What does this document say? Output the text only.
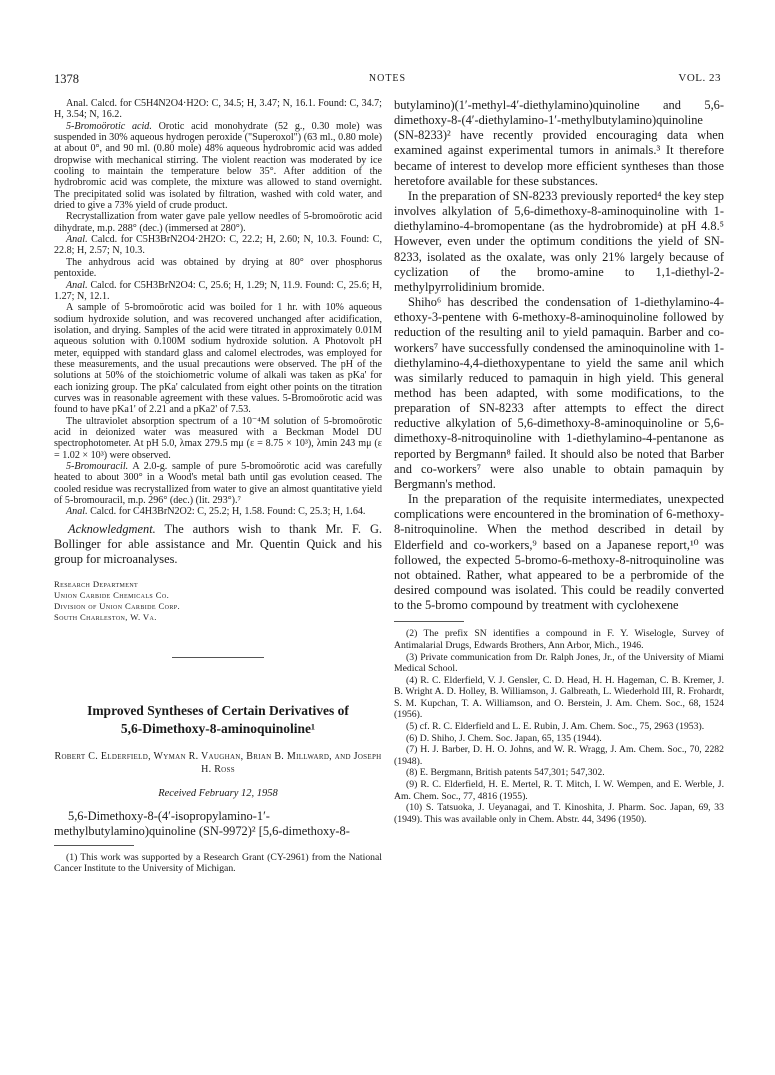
1378	NOTES	VOL. 23

Anal. Calcd. for C5H4N2O4·H2O: C, 34.5; H, 3.47; N, 16.1. Found: C, 34.7; H, 3.54; N, 16.2.

5-Bromoörotic acid. Orotic acid monohydrate (52 g., 0.30 mole) was suspended in 30% aqueous hydrogen peroxide ("Superoxol") (63 ml., 0.80 mole) at about 0°, and 90 ml. (0.80 mole) 48% aqueous hydrobromic acid was added dropwise with mechanical stirring. The violent reaction was moderated by ice cooling to maintain the temperature below 35°. After addition of the hydrobromic acid was complete, the mixture was allowed to stand overnight. The precipitated solid was isolated by filtration, washed with cold water, and dried to give a 73% yield of crude product.

Recrystallization from water gave pale yellow needles of 5-bromoörotic acid dihydrate, m.p. 288° (dec.) (immersed at 280°).

Anal. Calcd. for C5H3BrN2O4·2H2O: C, 22.2; H, 2.60; N, 10.3. Found: C, 22.8; H, 2.57; N, 10.3.

The anhydrous acid was obtained by drying at 80° over phosphorus pentoxide.

Anal. Calcd. for C5H3BrN2O4: C, 25.6; H, 1.29; N, 11.9. Found: C, 25.6; H, 1.27; N, 12.1.

A sample of 5-bromoörotic acid was boiled for 1 hr. with 10% aqueous sodium hydroxide solution, and was recovered unchanged after acidification, isolation, and drying. Samples of the acid were titrated in approximately 0.01M aqueous solution with 0.100M sodium hydroxide solution. A Photovolt pH meter, equipped with standard glass and calomel electrodes, was employed for these measurements, and the usual precautions were observed. The pH of the solutions at 50% of the stoichiometric volume of alkali was taken as pKa' for each ionizing group. The pKa' calculated from eight other points on the titration curves was in reasonable agreement with these values. 5-Bromoörotic acid was found to have pKa1' of 2.21 and a pKa2' of 7.53.

The ultraviolet absorption spectrum of a 10⁻⁴M solution of 5-bromoörotic acid in deionized water was measured with a Beckman Model DU spectrophotometer. At pH 5.0, λmax 279.5 mμ (ε = 8.75 × 10³), λmin 243 mμ (ε = 1.02 × 10³) were observed.

5-Bromouracil. A 2.0-g. sample of pure 5-bromoörotic acid was carefully heated to about 300° in a Wood's metal bath until gas evolution ceased. The cooled residue was recrystallized from water to give an almost quantitative yield of 5-bromouracil, m.p. 296° (dec.) (lit. 293°).⁷

Anal. Calcd. for C4H3BrN2O2: C, 25.2; H, 1.58. Found: C, 25.3; H, 1.64.

Acknowledgment. The authors wish to thank Mr. F. G. Bollinger for able assistance and Mr. Quentin Quick and his group for microanalyses.

Research Department
Union Carbide Chemicals Co.
Division of Union Carbide Corp.
South Charleston, W. Va.
Improved Syntheses of Certain Derivatives of
5,6-Dimethoxy-8-aminoquinoline¹
Robert C. Elderfield, Wyman R. Vaughan, Brian B. Millward, and Joseph H. Ross
Received February 12, 1958

5,6-Dimethoxy-8-(4′-isopropylamino-1′-methylbutylamino)quinoline (SN-9972)² [5,6-dimethoxy-8-

(1) This work was supported by a Research Grant (CY-2961) from the National Cancer Institute to the University of Michigan.

butylamino)(1′-methyl-4′-diethylamino)quinoline and 5,6-dimethoxy-8-(4′-diethylamino-1′-methylbutylamino)quinoline (SN-8233)² have recently provided encouraging data when examined against experimental tumors in animals.³ It therefore became of interest to develop more efficient syntheses than those heretofore available for these substances.

In the preparation of SN-8233 previously reported⁴ the key step involves alkylation of 5,6-dimethoxy-8-aminoquinoline with 1-diethylamino-4-bromopentane (as the hydrobromide) at pH 4.8.⁵ However, even under the optimum conditions the yield of SN-8233, isolated as the oxalate, was only 21% largely because of cyclization of the bromo-amine to 1,1-diethyl-2-methylpyrrolidinium bromide.

Shiho⁶ has described the condensation of 1-diethylamino-4-ethoxy-3-pentene with 6-methoxy-8-aminoquinoline followed by reduction of the resulting anil to yield pamaquin. Barber and co-workers⁷ have successfully condensed the aminoquinoline with 1-diethylamino-4,4-diethoxypentane to yield the same anil which was similarly reduced to pamaquin in high yield. This general method has been adapted, with some modifications, to the preparation of SN-8233 after attempts to effect the direct reductive alkylation of 5,6-dimethoxy-8-aminoquinoline or 5,6-dimethoxy-8-nitroquinoline with 1-diethylamino-4-pentanone as reported by Bergmann⁸ failed. It should also be noted that Barber and co-workers⁷ were also unable to obtain pamaquin by Bergmann's method.

In the preparation of the requisite intermediates, unexpected complications were encountered in the bromination of 6-methoxy-8-nitroquinoline. When the method described in detail by Elderfield and co-workers,⁹ based on a Japanese report,¹⁰ was followed, the expected 5-bromo-6-methoxy-8-nitroquinoline was not obtained. Rather, what appeared to be a perbromide of the desired compound was isolated. This could be readily converted to the 5-bromo compound by treatment with cyclohexene

(2) The prefix SN identifies a compound in F. Y. Wiselogle, Survey of Antimalarial Drugs, Edwards Brothers, Ann Arbor, Mich., 1946.

(3) Private communication from Dr. Ralph Jones, Jr., of the University of Miami Medical School.

(4) R. C. Elderfield, V. J. Gensler, C. D. Head, H. H. Hageman, C. B. Kremer, J. B. Wright A. D. Holley, B. Williamson, J. Galbreath, L. Wiederhold III, R. Frohardt, S. M. Kupchan, T. A. Williamson, and O. Berstein, J. Am. Chem. Soc., 68, 1524 (1956).

(5) cf. R. C. Elderfield and L. E. Rubin, J. Am. Chem. Soc., 75, 2963 (1953).

(6) D. Shiho, J. Chem. Soc. Japan, 65, 135 (1944).

(7) H. J. Barber, D. H. O. Johns, and W. R. Wragg, J. Am. Chem. Soc., 70, 2282 (1948).

(8) E. Bergmann, British patents 547,301; 547,302.

(9) R. C. Elderfield, H. E. Mertel, R. T. Mitch, I. W. Wempen, and E. Werble, J. Am. Chem. Soc., 77, 4816 (1955).

(10) S. Tatsuoka, J. Ueyanagai, and T. Kinoshita, J. Pharm. Soc. Japan, 69, 33 (1949). This was available only in Chem. Abstr. 44, 3496 (1950).
